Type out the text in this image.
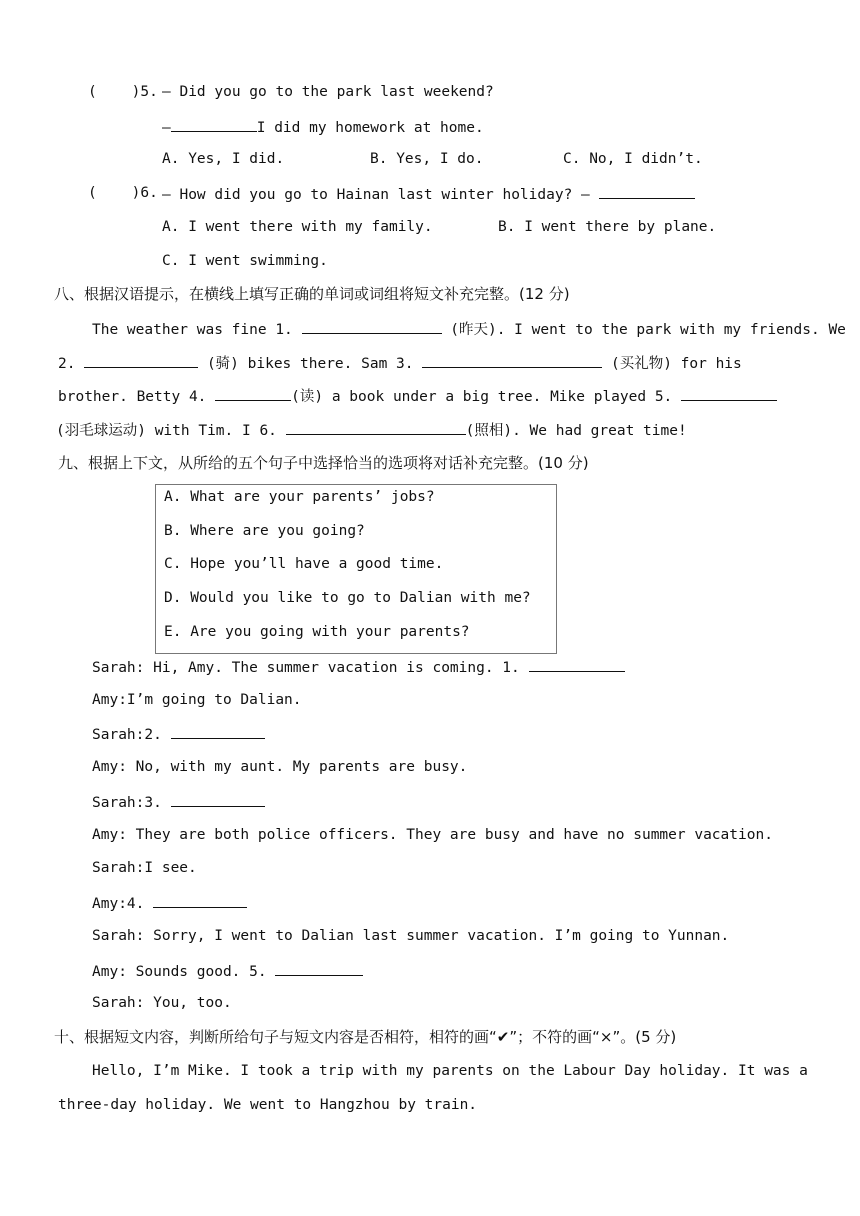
(    )5. — Did you go to the park last weekend?
—	I did my homework at home.
A. Yes, I did.	B. Yes, I do.	C. No, I didn’t.
(    )6. — How did you go to Hainan last winter holiday? —
A. I went there with my family.	B. I went there by plane.
C. I went swimming.
八、根据汉语提示，在横线上填写正确的单词或词组将短文补充完整。(12 分)
The weather was fine 1.	(昨天). I went to the park with my friends. We
2.	(骑) bikes there. Sam 3.	(买礼物) for his
brother. Betty 4.	(读) a book under a big tree. Mike played 5.
(羽毛球运动) with Tim. I 6.	(照相). We had great time!
九、根据上下文，从所给的五个句子中选择恰当的选项将对话补充完整。(10 分)
A. What are your parents’ jobs?
B. Where are you going?
C. Hope you’ll have a good time.
D. Would you like to go to Dalian with me?
E. Are you going with your parents?
Sarah: Hi, Amy. The summer vacation is coming. 1.
Amy:I’m going to Dalian.
Sarah:2.
Amy: No, with my aunt. My parents are busy.
Sarah:3.
Amy: They are both police officers. They are busy and have no summer vacation.
Sarah:I see.
Amy:4.
Sarah: Sorry, I went to Dalian last summer vacation. I’m going to Yunnan.
Amy: Sounds good. 5.
Sarah: You, too.
十、根据短文内容，判断所给句子与短文内容是否相符，相符的画“✔”；不符的画“×”。(5 分)
Hello, I’m Mike. I took a trip with my parents on the Labour Day holiday. It was a
three-day holiday. We went to Hangzhou by train.
